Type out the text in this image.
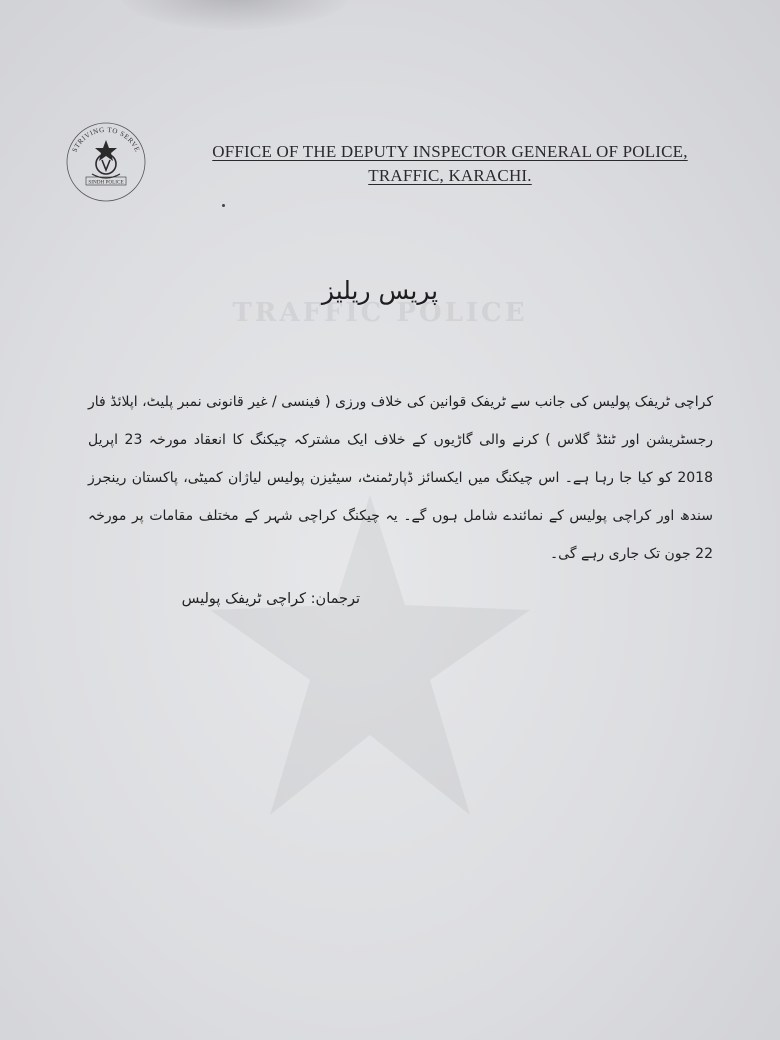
TRAFFIC POLICE
STRIVING TO SERVE
SINDH POLICE
OFFICE OF THE DEPUTY INSPECTOR GENERAL OF POLICE,
TRAFFIC, KARACHI.
پریس ریلیز
کراچی ٹریفک پولیس کی جانب سے ٹریفک قوانین کی خلاف ورزی ( فینسی / غیر قانونی نمبر پلیٹ، اپلائڈ فار رجسٹریشن اور ٹنٹڈ گلاس ) کرنے والی گاڑیوں کے خلاف ایک مشترکہ چیکنگ کا انعقاد مورخہ 23 اپریل 2018 کو کیا جا رہا ہے۔ اس چیکنگ میں ایکسائز ڈپارٹمنٹ، سیٹیزن پولیس لیاژان کمیٹی، پاکستان رینجرز سندھ اور کراچی پولیس کے نمائندے شامل ہوں گے۔ یہ چیکنگ کراچی شہر کے مختلف مقامات پر مورخہ 22 جون تک جاری رہے گی۔
ترجمان: کراچی ٹریفک پولیس
